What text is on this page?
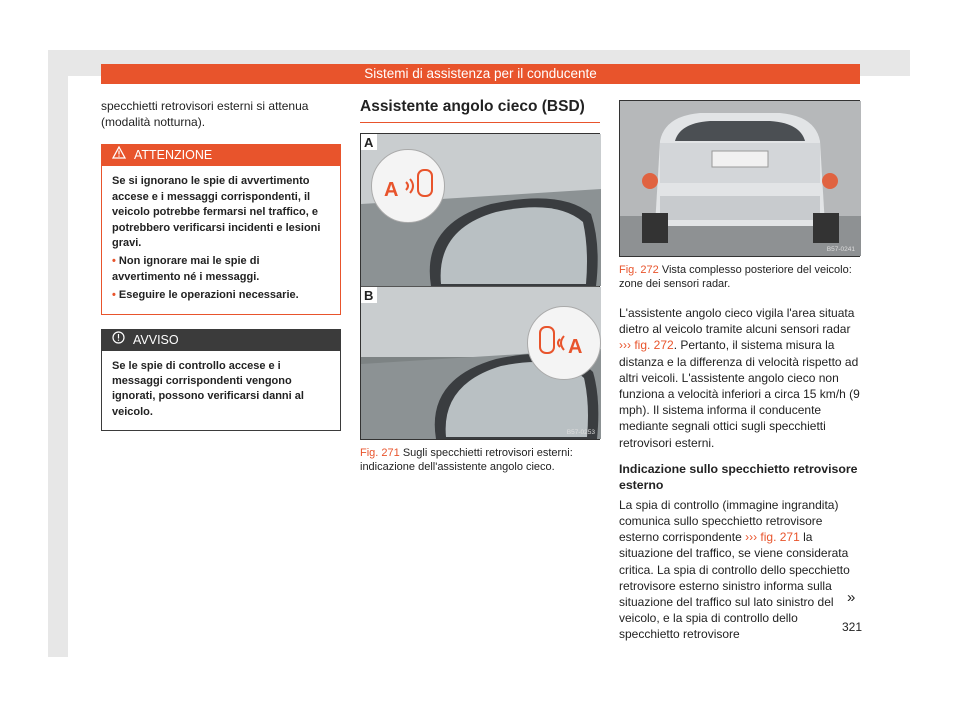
Sistemi di assistenza per il conducente

specchietti retrovisori esterni si attenua (modalità notturna).

ATTENZIONE
Se si ignorano le spie di avvertimento accese e i messaggi corrispondenti, il veicolo potrebbe fermarsi nel traffico, e potrebbero verificarsi incidenti e lesioni gravi.
• Non ignorare mai le spie di avvertimento né i messaggi.
• Eseguire le operazioni necessarie.
AVVISO
Se le spie di controllo accese e i messaggi corrispondenti vengono ignorati, possono verificarsi danni al veicolo.
Assistente angolo cieco (BSD)
A
B
A
A
B57-0253
Fig. 271 Sugli specchietti retrovisori esterni: indicazione dell'assistente angolo cieco.
B57-0241
Fig. 272 Vista complesso posteriore del veicolo: zone dei sensori radar.

L'assistente angolo cieco vigila l'area situata dietro al veicolo tramite alcuni sensori radar ››› fig. 272. Pertanto, il sistema misura la distanza e la differenza di velocità rispetto ad altri veicoli. L'assistente angolo cieco non funziona a velocità inferiori a circa 15 km/h (9 mph). Il sistema informa il conducente mediante segnali ottici sugli specchietti retrovisori esterni.

Indicazione sullo specchietto retrovisore esterno

La spia di controllo (immagine ingrandita) comunica sullo specchietto retrovisore esterno corrispondente ››› fig. 271 la situazione del traffico, se viene considerata critica. La spia di controllo dello specchietto retrovisore esterno sinistro informa sulla situazione del traffico sul lato sinistro del veicolo, e la spia di controllo dello specchietto retrovisore

»
321
